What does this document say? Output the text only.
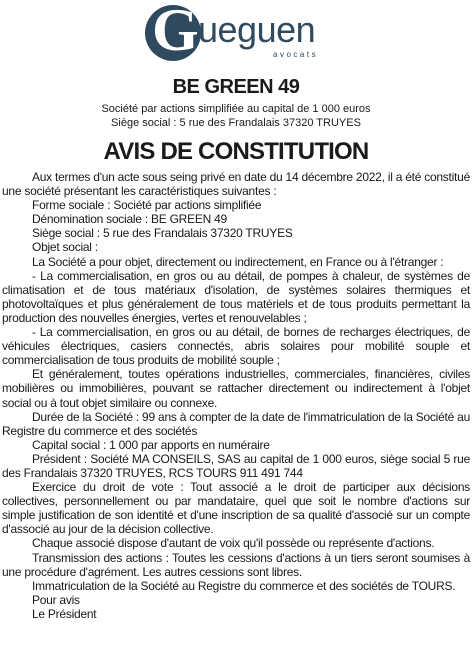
G ueguen
avocats
BE GREEN 49
Société par actions simplifiée au capital de 1 000 euros
Siège social : 5 rue des Frandalais 37320 TRUYES
AVIS DE CONSTITUTION

Aux termes d'un acte sous seing privé en date du 14 décembre 2022, il a été constitué une société présentant les caractéristiques suivantes :

Forme sociale : Société par actions simplifiée

Dénomination sociale : BE GREEN 49

Siège social : 5 rue des Frandalais 37320 TRUYES

Objet social :

La Société a pour objet, directement ou indirectement, en France ou à l'étranger :

- La commercialisation, en gros ou au détail, de pompes à chaleur, de systèmes de climatisation et de tous matériaux d'isolation, de systèmes solaires thermiques et photovoltaïques et plus généralement de tous matériels et de tous produits permettant la production des nouvelles énergies, vertes et renouvelables ;

- La commercialisation, en gros ou au détail, de bornes de recharges électriques, de véhicules électriques, casiers connectés, abris solaires pour mobilité souple et commercialisation de tous produits de mobilité souple ;

Et généralement, toutes opérations industrielles, commerciales, financières, civiles mobilières ou immobilières, pouvant se rattacher directement ou indirectement à l'objet social ou à tout objet similaire ou connexe.

Durée de la Société : 99 ans à compter de la date de l'immatriculation de la Société au Registre du commerce et des sociétés

Capital social : 1 000 par apports en numéraire

Président : Société MA CONSEILS, SAS au capital de 1 000 euros, siège social 5 rue des Frandalais 37320 TRUYES, RCS TOURS 911 491 744

Exercice du droit de vote : Tout associé a le droit de participer aux décisions collectives, personnellement ou par mandataire, quel que soit le nombre d'actions sur simple justification de son identité et d'une inscription de sa qualité d'associé sur un compte d'associé au jour de la décision collective.

Chaque associé dispose d'autant de voix qu'il possède ou représente d'actions.

Transmission des actions : Toutes les cessions d'actions à un tiers seront soumises à une procédure d'agrément. Les autres cessions sont libres.

Immatriculation de la Société au Registre du commerce et des sociétés de TOURS.

Pour avis

Le Président
